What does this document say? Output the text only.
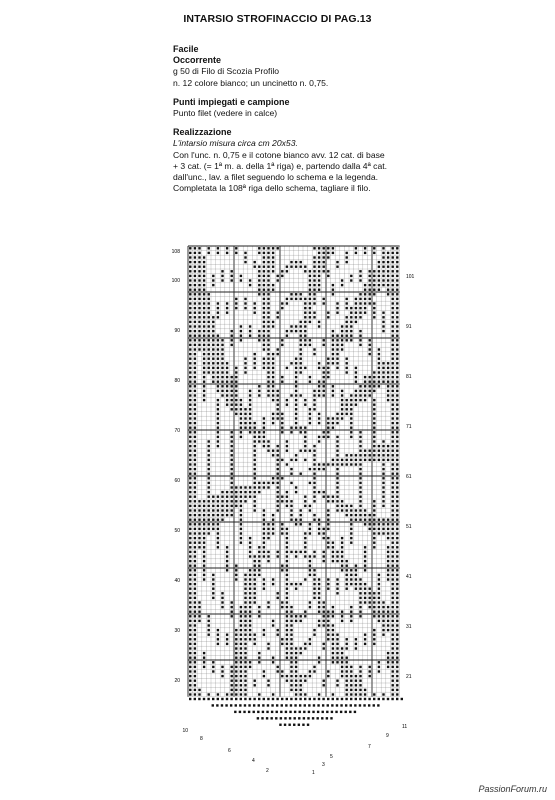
INTARSIO STROFINACCIO DI PAG.13
Facile
Occorrente
g 50 di Filo di Scozia Profilo
n. 12 colore bianco; un uncinetto n. 0,75.
Punti impiegati e campione
Punto filet (vedere in calce)
Realizzazione
L'intarsio misura circa cm 20x53.
Con l'unc. n. 0,75 e il cotone bianco avv. 12 cat. di base
+ 3 cat. (= 1ª m. a. della 1ª riga) e, partendo dalla 4ª cat.
dall'unc., lav. a filet seguendo lo schema e la legenda.
Completata la 108ª riga dello schema, tagliare il filo.
108
100
90
80
70
60
50
40
30
20
10
101
91
81
71
61
51
41
31
21
11
8
6
4
2
9
7
5
3
1
PassionForum.ru
